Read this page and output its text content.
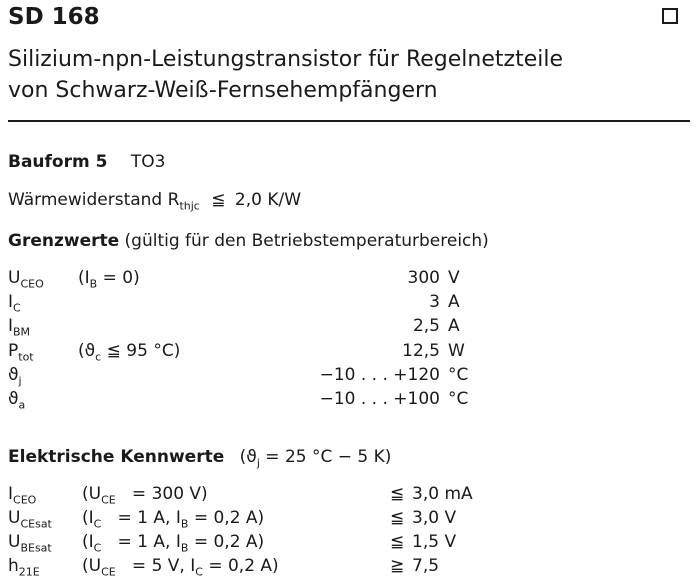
SD 168
Silizium-npn-Leistungstransistor für Regelnetzteile
von Schwarz-Weiß-Fernsehempfängern
Bauform 5 TO3
Wärmewiderstand $R_{thjc}$ ≦ 2,0 K/W
Grenzwerte (gültig für den Betriebstemperaturbereich)
$U_{CEO}$ $(I_B = 0)$	300 V
$I_C$	3 A
$I_{BM}$	2,5 A
$P_{tot}$	($ϑ_c$ ≦ 95 °C)	12,5 W
$ϑ_j$	−10 . . . +120 °C
$ϑ_a$	−10 . . . +100 °C
Elektrische Kennwerte ($ϑ_j = 25$ °C − 5 K)
$I_{CEO}$	($U_{CE} = 300$ V)	≦ 3,0 mA
$U_{CEsat}$ ($I_C = 1$ A, $I_B = 0,2$ A)	≦ 3,0 V
$U_{BEsat}$ ($I_C = 1$ A, $I_B = 0,2$ A)	≦ 1,5 V
$h_{21E}$ ($U_{CE} = 5$ V, $I_C = 0,2$ A)	≧ 7,5
